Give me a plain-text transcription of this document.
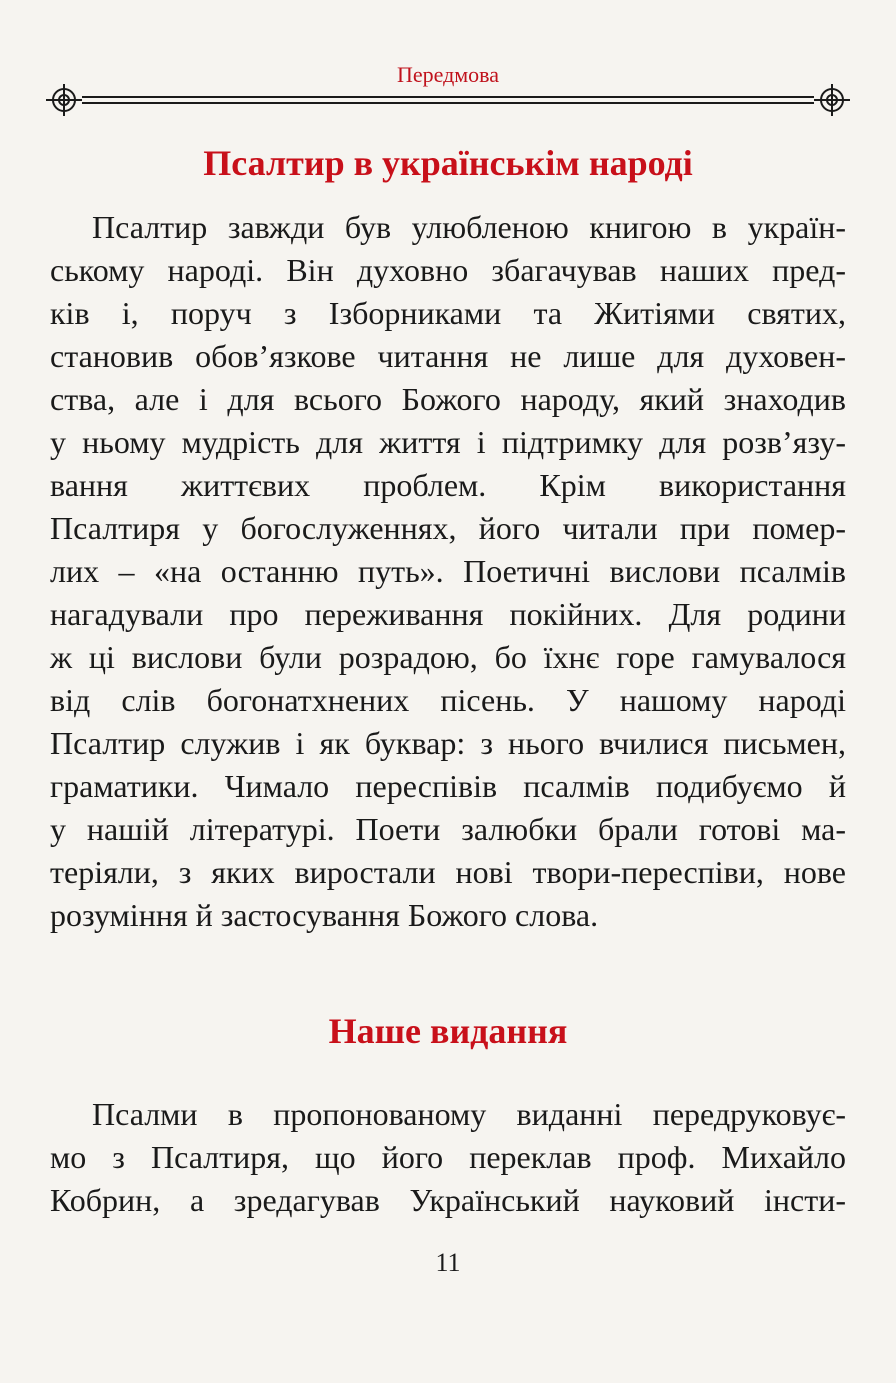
Передмова
Псалтир в українськім народі
Псалтир завжди був улюбленою книгою в україн-
ському народі. Він духовно збагачував наших пред-
ків і, поруч з Ізборниками та Житіями святих,
становив обов’язкове читання не лише для духовен-
ства, але і для всього Божого народу, який знаходив
у ньому мудрість для життя і підтримку для розв’язу-
вання життєвих проблем. Крім використання
Псалтиря у богослуженнях, його читали при помер-
лих – «на останню путь». Поетичні вислови псалмів
нагадували про переживання покійних. Для родини
ж ці вислови були розрадою, бо їхнє горе гамувалося
від слів богонатхнених пісень. У нашому народі
Псалтир служив і як буквар: з нього вчилися письмен,
граматики. Чимало переспівів псалмів подибуємо й
у нашій літературі. Поети залюбки брали готові ма-
теріяли, з яких виростали нові твори-переспіви, нове
розуміння й застосування Божого слова.
Наше видання
Псалми в пропонованому виданні передруковує-
мо з Псалтиря, що його переклав проф. Михайло
Кобрин, а зредагував Український науковий інсти-
11
